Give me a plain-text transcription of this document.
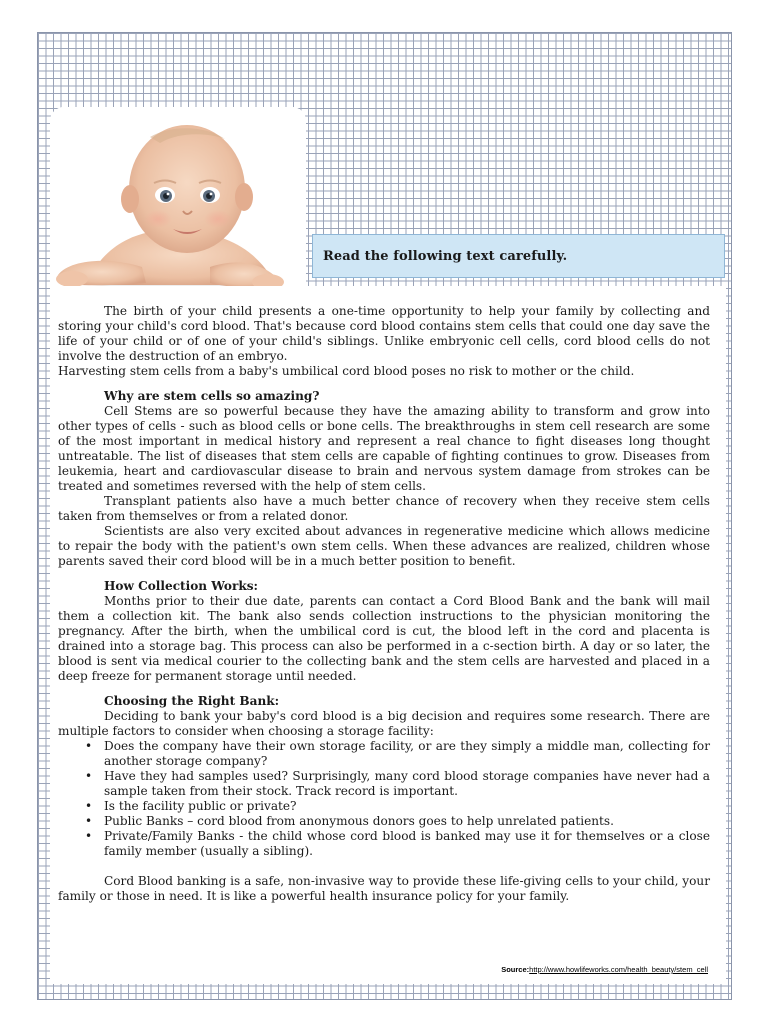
Read the following text carefully.

The birth of your child presents a one-time opportunity to help your family by collecting and storing your child's cord blood. That's because cord blood contains stem cells that could one day save the life of your child or of one of your child's siblings. Unlike embryonic cell cells, cord blood cells do not involve the destruction of an embryo.

Harvesting stem cells from a baby's umbilical cord blood poses no risk to mother or the child.

Why are stem cells so amazing?

Cell Stems are so powerful because they have the amazing ability to transform and grow into other types of cells - such as blood cells or bone cells. The breakthroughs in stem cell research are some of the most important in medical history and represent a real chance to fight diseases long thought untreatable. The list of diseases that stem cells are capable of fighting continues to grow. Diseases from leukemia, heart and cardiovascular disease to brain and nervous system damage from strokes can be treated and sometimes reversed with the help of stem cells.

Transplant patients also have a much better chance of recovery when they receive stem cells taken from themselves or from a related donor.

Scientists are also very excited about advances in regenerative medicine which allows medicine to repair the body with the patient's own stem cells. When these advances are realized, children whose parents saved their cord blood will be in a much better position to benefit.

How Collection Works:

Months prior to their due date, parents can contact a Cord Blood Bank and the bank will mail them a collection kit. The bank also sends collection instructions to the physician monitoring the pregnancy. After the birth, when the umbilical cord is cut, the blood left in the cord and placenta is drained into a storage bag. This process can also be performed in a c-section birth. A day or so later, the blood is sent via medical courier to the collecting bank and the stem cells are harvested and placed in a deep freeze for permanent storage until needed.

Choosing the Right Bank:

Deciding to bank your baby's cord blood is a big decision and requires some research. There are multiple factors to consider when choosing a storage facility:

• Does the company have their own storage facility, or are they simply a middle man, collecting for another storage company?
• Have they had samples used? Surprisingly, many cord blood storage companies have never had a sample taken from their stock. Track record is important.
• Is the facility public or private?
• Public Banks – cord blood from anonymous donors goes to help unrelated patients.
• Private/Family Banks - the child whose cord blood is banked may use it for themselves or a close family member (usually a sibling).

Cord Blood banking is a safe, non-invasive way to provide these life-giving cells to your child, your family or those in need. It is like a powerful health insurance policy for your family.

Source:http://www.howlifeworks.com/health_beauty/stem_cell
